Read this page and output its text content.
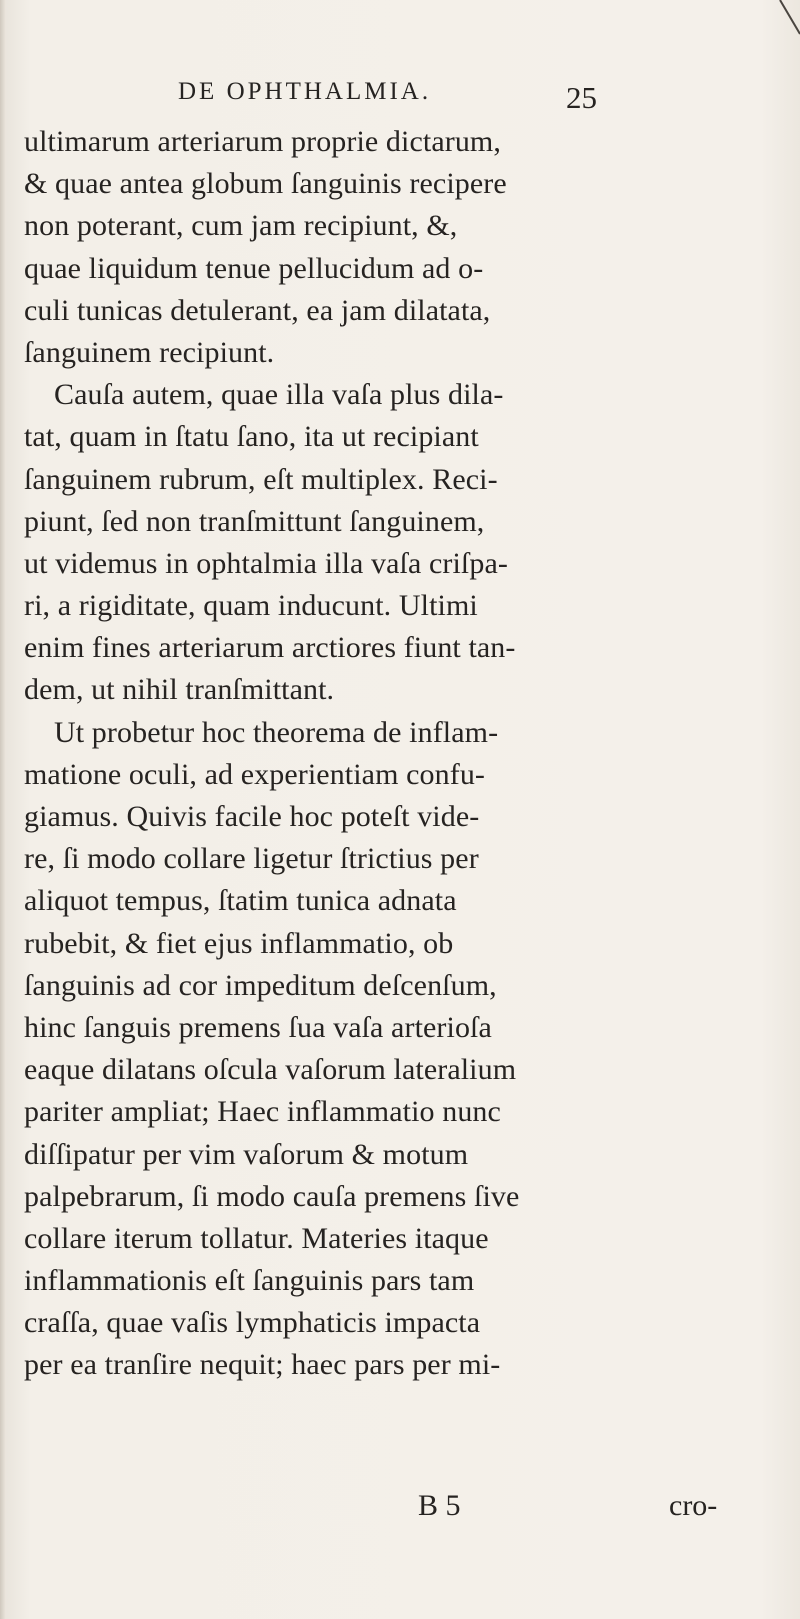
DE OPHTHALMIA.	25
ultimarum arteriarum proprie dictarum,
& quae antea globum ſanguinis recipere
non poterant, cum jam recipiunt, &,
quae liquidum tenue pellucidum ad o-
culi tunicas detulerant, ea jam dilatata,
ſanguinem recipiunt.
Cauſa autem, quae illa vaſa plus dila-
tat, quam in ſtatu ſano, ita ut recipiant
ſanguinem rubrum, eſt multiplex. Reci-
piunt, ſed non tranſmittunt ſanguinem,
ut videmus in ophtalmia illa vaſa criſpa-
ri, a rigiditate, quam inducunt. Ultimi
enim fines arteriarum arctiores fiunt tan-
dem, ut nihil tranſmittant.
Ut probetur hoc theorema de inflam-
matione oculi, ad experientiam confu-
giamus. Quivis facile hoc poteſt vide-
re, ſi modo collare ligetur ſtrictius per
aliquot tempus, ſtatim tunica adnata
rubebit, & fiet ejus inflammatio, ob
ſanguinis ad cor impeditum deſcenſum,
hinc ſanguis premens ſua vaſa arterioſa
eaque dilatans oſcula vaſorum lateralium
pariter ampliat; Haec inflammatio nunc
diſſipatur per vim vaſorum & motum
palpebrarum, ſi modo cauſa premens ſive
collare iterum tollatur. Materies itaque
inflammationis eſt ſanguinis pars tam
craſſa, quae vaſis lymphaticis impacta
per ea tranſire nequit; haec pars per mi-
B 5	cro-
